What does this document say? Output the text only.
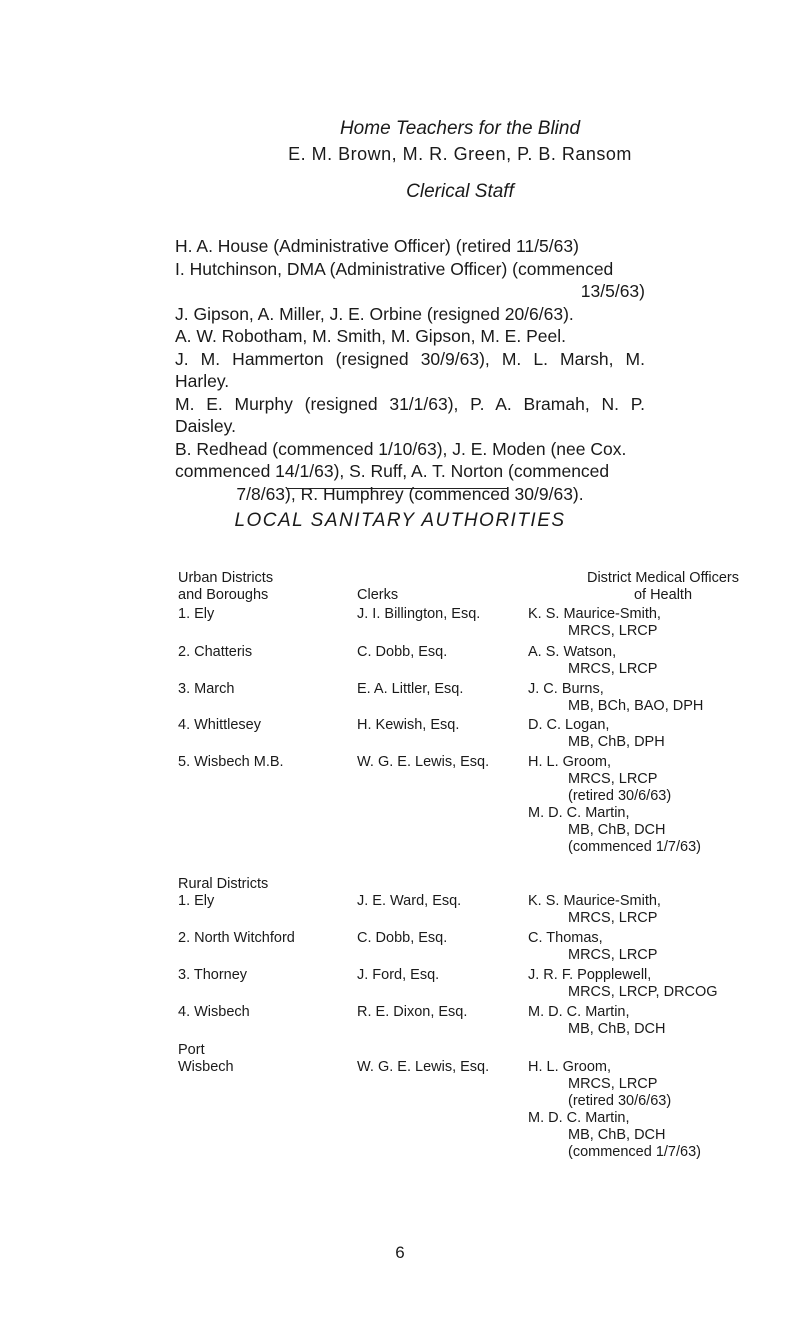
Home Teachers for the Blind

E. M. Brown, M. R. Green, P. B. Ransom

Clerical Staff

H. A. House (Administrative Officer) (retired 11/5/63)

I. Hutchinson, DMA (Administrative Officer) (commenced

13/5/63)

J. Gipson, A. Miller, J. E. Orbine (resigned 20/6/63).

A. W. Robotham, M. Smith, M. Gipson, M. E. Peel.

J. M. Hammerton (resigned 30/9/63), M. L. Marsh, M. Harley.

M. E. Murphy (resigned 31/1/63), P. A. Bramah, N. P. Daisley.

B. Redhead (commenced 1/10/63), J. E. Moden (nee Cox.

commenced 14/1/63), S. Ruff, A. T. Norton (commenced

7/8/63), R. Humphrey (commenced 30/9/63).

LOCAL SANITARY AUTHORITIES
Urban Districts
and Boroughs	Clerks
District Medical Officers
of Health
1. Ely	J. I. Billington, Esq.	K. S. Maurice-Smith,
MRCS, LRCP
2. Chatteris	C. Dobb, Esq.	A. S. Watson,
MRCS, LRCP
3. March	E. A. Littler, Esq.	J. C. Burns,
MB, BCh, BAO, DPH
4. Whittlesey	H. Kewish, Esq.	D. C. Logan,
MB, ChB, DPH
5. Wisbech M.B.	W. G. E. Lewis, Esq.	H. L. Groom,
MRCS, LRCP
(retired 30/6/63)
M. D. C. Martin,
MB, ChB, DCH
(commenced 1/7/63)
Rural Districts
1. Ely	J. E. Ward, Esq.	K. S. Maurice-Smith,
MRCS, LRCP
2. North Witchford	C. Dobb, Esq.	C. Thomas,
MRCS, LRCP
3. Thorney	J. Ford, Esq.	J. R. F. Popplewell,
MRCS, LRCP, DRCOG
4. Wisbech	R. E. Dixon, Esq.	M. D. C. Martin,
MB, ChB, DCH
Port
Wisbech	W. G. E. Lewis, Esq.	H. L. Groom,
MRCS, LRCP
(retired 30/6/63)
M. D. C. Martin,
MB, ChB, DCH
(commenced 1/7/63)
6
